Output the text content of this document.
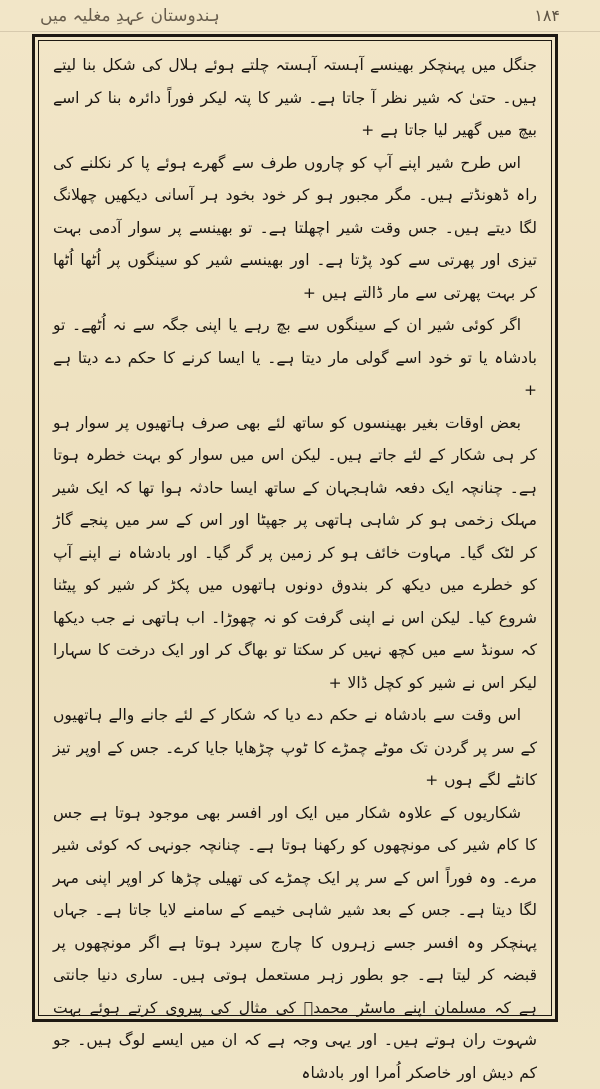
۱۸۴
ہندوستان عہدِ مغلیہ میں

جنگل میں پہنچکر بھینسے آہستہ آہستہ چلتے ہوئے ہلال کی شکل بنا لیتے ہیں۔ حتیٰ کہ شیر نظر آ جاتا ہے۔ شیر کا پتہ لیکر فوراً دائرہ بنا کر اسے بیچ میں گھیر لیا جاتا ہے +

اس طرح شیر اپنے آپ کو چاروں طرف سے گھرے ہوئے پا کر نکلنے کی راہ ڈھونڈتے ہیں۔ مگر مجبور ہو کر خود بخود ہر آسانی دیکھیں چھلانگ لگا دیتے ہیں۔ جس وقت شیر اچھلتا ہے۔ تو بھینسے پر سوار آدمی بہت تیزی اور پھرتی سے کود پڑتا ہے۔ اور بھینسے شیر کو سینگوں پر اُٹھا اُٹھا کر بہت پھرتی سے مار ڈالتے ہیں +

اگر کوئی شیر ان کے سینگوں سے بچ رہے یا اپنی جگہ سے نہ اُٹھے۔ تو بادشاہ یا تو خود اسے گولی مار دیتا ہے۔ یا ایسا کرنے کا حکم دے دیتا ہے +

بعض اوقات بغیر بھینسوں کو ساتھ لئے بھی صرف ہاتھیوں پر سوار ہو کر ہی شکار کے لئے جاتے ہیں۔ لیکن اس میں سوار کو بہت خطرہ ہوتا ہے۔ چنانچہ ایک دفعہ شاہجہان کے ساتھ ایسا حادثہ ہوا تھا کہ ایک شیر مہلک زخمی ہو کر شاہی ہاتھی پر جھپٹا اور اس کے سر میں پنجے گاڑ کر لٹک گیا۔ مہاوت خائف ہو کر زمین پر گر گیا۔ اور بادشاہ نے اپنے آپ کو خطرے میں دیکھ کر بندوق دونوں ہاتھوں میں پکڑ کر شیر کو پیٹنا شروع کیا۔ لیکن اس نے اپنی گرفت کو نہ چھوڑا۔ اب ہاتھی نے جب دیکھا کہ سونڈ سے میں کچھ نہیں کر سکتا تو بھاگ کر اور ایک درخت کا سہارا لیکر اس نے شیر کو کچل ڈالا +

اس وقت سے بادشاہ نے حکم دے دیا کہ شکار کے لئے جانے والے ہاتھیوں کے سر پر گردن تک موٹے چمڑے کا ٹوپ چڑھایا جایا کرے۔ جس کے اوپر تیز کانٹے لگے ہوں +

شکاریوں کے علاوہ شکار میں ایک اور افسر بھی موجود ہوتا ہے جس کا کام شیر کی مونچھوں کو رکھنا ہوتا ہے۔ چنانچہ جونہی کہ کوئی شیر مرے۔ وہ فوراً اس کے سر پر ایک چمڑے کی تھیلی چڑھا کر اوپر اپنی مہر لگا دیتا ہے۔ جس کے بعد شیر شاہی خیمے کے سامنے لایا جاتا ہے۔ جہاں پہنچکر وہ افسر جسے زہروں کا چارج سپرد ہوتا ہے اگر مونچھوں پر قبضہ کر لیتا ہے۔ جو بطور زہر مستعمل ہوتی ہیں۔ ساری دنیا جانتی ہے کہ مسلمان اپنے ماسٹر محمدؐ کی مثال کی پیروی کرتے ہوئے بہت شہوت ران ہوتے ہیں۔ اور یہی وجہ ہے کہ ان میں ایسے لوگ ہیں۔ جو کم دیش اور خاصکر اُمرا اور بادشاہ
